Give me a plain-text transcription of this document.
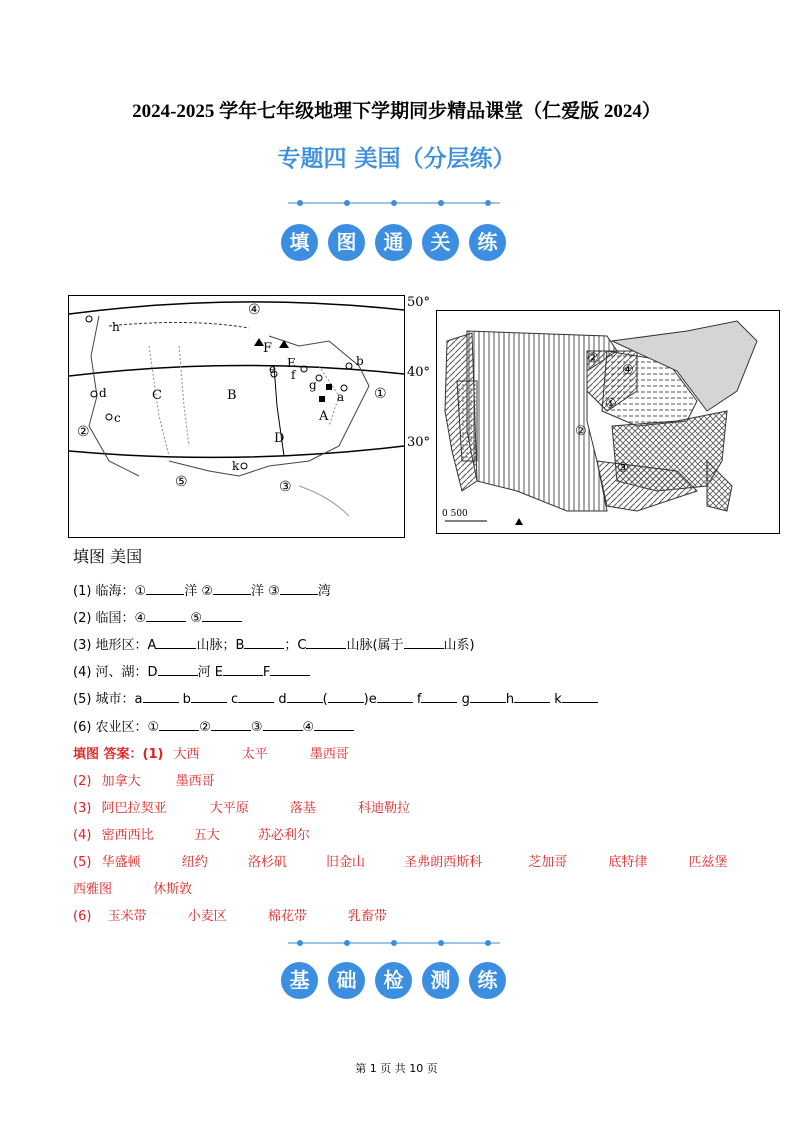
2024-2025 学年七年级地理下学期同步精品课堂（仁爱版 2024）
专题四 美国（分层练）
填	图	通	关	练
④
F
b
h
e E
f
g
C	B
d	a ①
c	A
②	D
k
⑤	③
50°
40°
30°
②
④
①
②
③
0 500
填图 美国
(1) 临海：①	洋 ②	洋 ③	湾
(2) 临国：④	⑤
(3) 地形区：A	山脉；B	；C	山脉(属于	山系)
(4) 河、湖：D	河 E	F
(5) 城市：a	b	c	d	(	)e	f	g	h	k
(6) 农业区：①	②	③	④
填图 答案：(1) 大西	太平	墨西哥
(2) 加拿大	墨西哥
(3) 阿巴拉契亚	大平原	落基	科迪勒拉
(4) 密西西比	五大	苏必利尔
(5) 华盛顿	纽约	洛杉矶	旧金山	圣弗朗西斯科	芝加哥	底特律	匹兹堡
西雅图	休斯敦
(6) 玉米带	小麦区	棉花带	乳畜带
基	础	检	测	练
第 1 页 共 10 页
